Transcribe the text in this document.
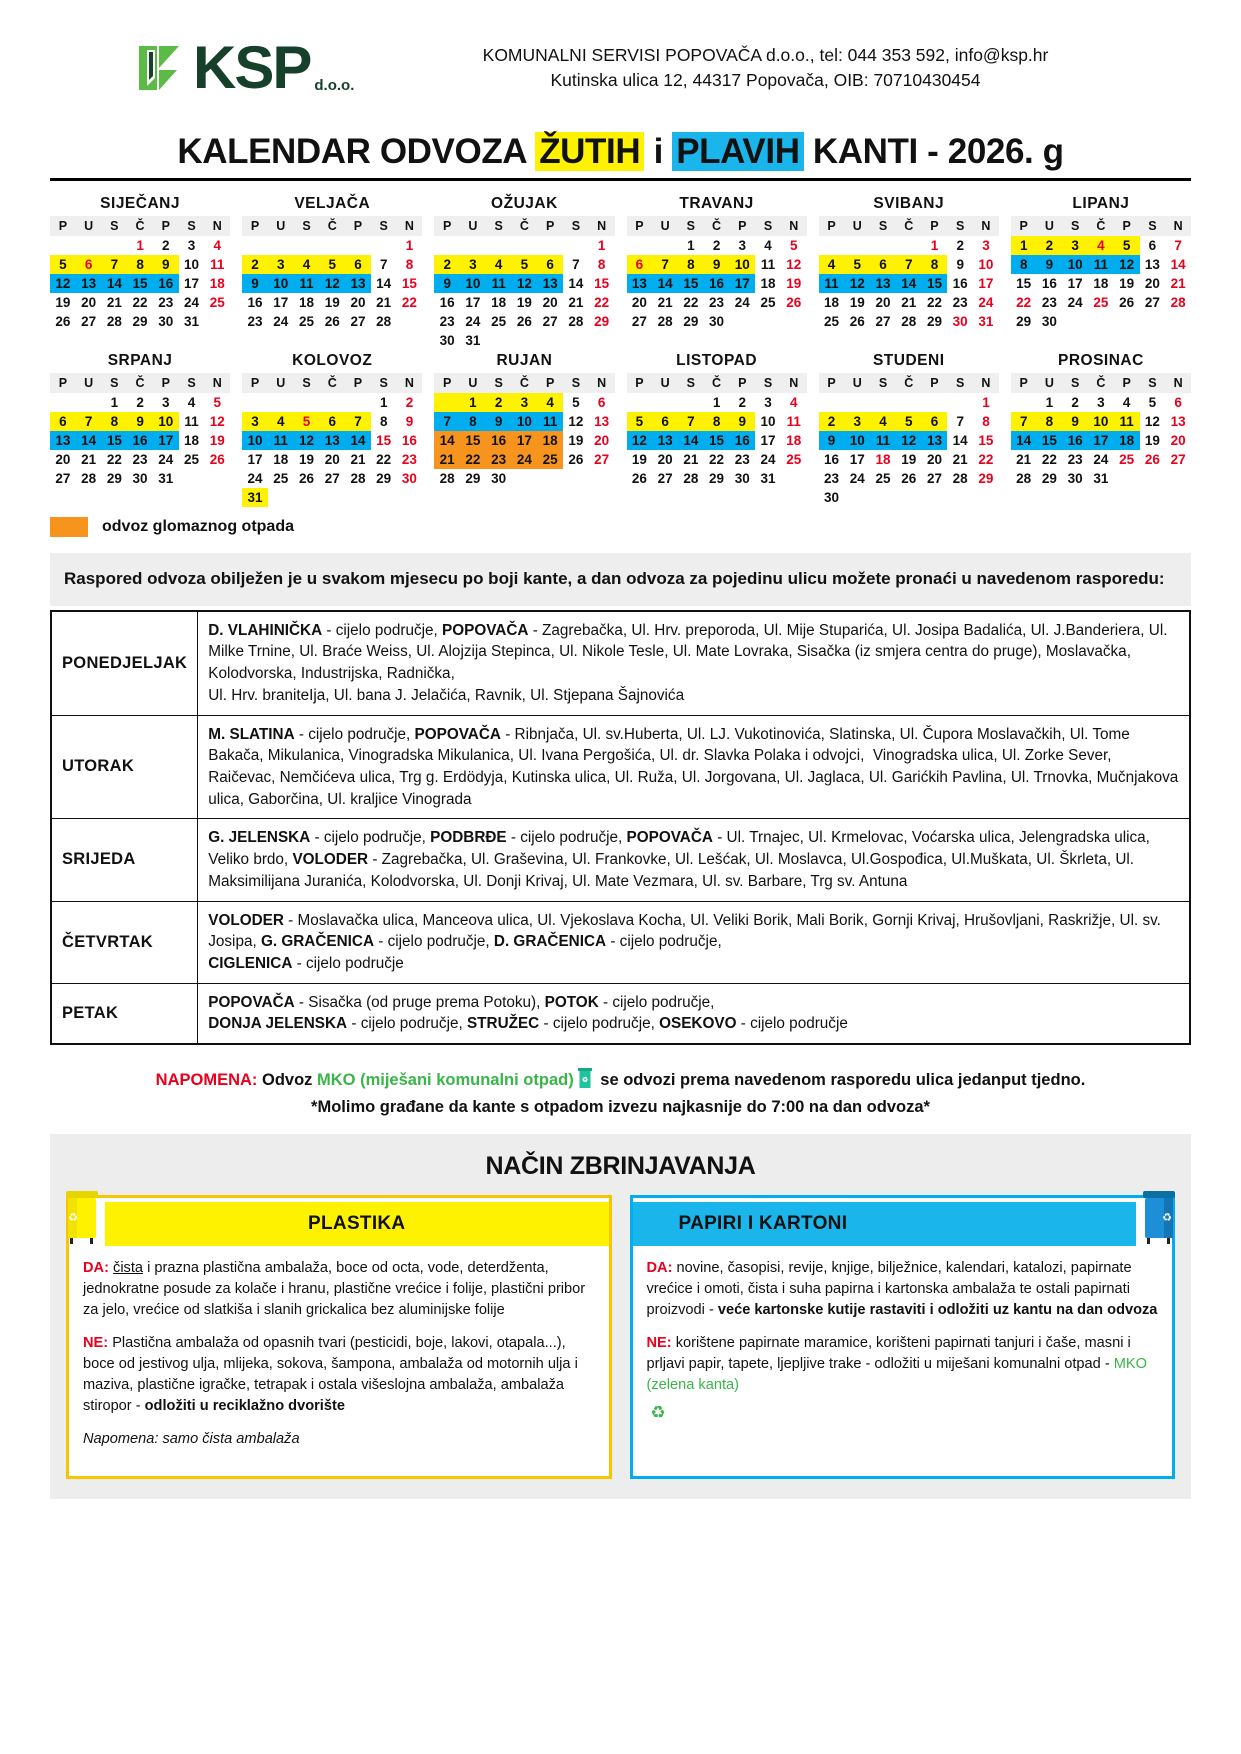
KSP d.o.o.
KOMUNALNI SERVISI POPOVAČA d.o.o., tel: 044 353 592, info@ksp.hr
Kutinska ulica 12, 44317 Popovača, OIB: 70710430454
KALENDAR ODVOZA ŽUTIH i PLAVIH KANTI - 2026. g
SIJEČANJ
P	U	S	Č	P	S	N
			1	2	3	4
5	6	7	8	9	10	11
12	13	14	15	16	17	18
19	20	21	22	23	24	25
26	27	28	29	30	31	
VELJAČA
P	U	S	Č	P	S	N
						1
2	3	4	5	6	7	8
9	10	11	12	13	14	15
16	17	18	19	20	21	22
23	24	25	26	27	28	
OŽUJAK
P	U	S	Č	P	S	N
						1
2	3	4	5	6	7	8
9	10	11	12	13	14	15
16	17	18	19	20	21	22
23	24	25	26	27	28	29
30	31					
TRAVANJ
P	U	S	Č	P	S	N
		1	2	3	4	5
6	7	8	9	10	11	12
13	14	15	16	17	18	19
20	21	22	23	24	25	26
27	28	29	30			
SVIBANJ
P	U	S	Č	P	S	N
				1	2	3
4	5	6	7	8	9	10
11	12	13	14	15	16	17
18	19	20	21	22	23	24
25	26	27	28	29	30	31
LIPANJ
P	U	S	Č	P	S	N
1	2	3	4	5	6	7
8	9	10	11	12	13	14
15	16	17	18	19	20	21
22	23	24	25	26	27	28
29	30					
SRPANJ
P	U	S	Č	P	S	N
		1	2	3	4	5
6	7	8	9	10	11	12
13	14	15	16	17	18	19
20	21	22	23	24	25	26
27	28	29	30	31		
KOLOVOZ
P	U	S	Č	P	S	N
					1	2
3	4	5	6	7	8	9
10	11	12	13	14	15	16
17	18	19	20	21	22	23
24	25	26	27	28	29	30
31						
RUJAN
P	U	S	Č	P	S	N
	1	2	3	4	5	6
7	8	9	10	11	12	13
14	15	16	17	18	19	20
21	22	23	24	25	26	27
28	29	30				
LISTOPAD
P	U	S	Č	P	S	N
			1	2	3	4
5	6	7	8	9	10	11
12	13	14	15	16	17	18
19	20	21	22	23	24	25
26	27	28	29	30	31	
STUDENI
P	U	S	Č	P	S	N
						1
2	3	4	5	6	7	8
9	10	11	12	13	14	15
16	17	18	19	20	21	22
23	24	25	26	27	28	29
30						
PROSINAC
P	U	S	Č	P	S	N
	1	2	3	4	5	6
7	8	9	10	11	12	13
14	15	16	17	18	19	20
21	22	23	24	25	26	27
28	29	30	31			
odvoz glomaznog otpada
Raspored odvoza obilježen je u svakom mjesecu po boji kante, a dan odvoza za pojedinu ulicu možete pronaći u navedenom rasporedu:
PONEDJELJAK	D. VLAHINIČKA - cijelo područje, POPOVAČA - Zagrebačka, Ul. Hrv. preporoda, Ul. Mije Stuparića, Ul. Josipa Badalića, Ul. J.Banderiera, Ul. Milke Trnine, Ul. Braće Weiss, Ul. Alojzija Stepinca, Ul. Nikole Tesle, Ul. Mate Lovraka, Sisačka (iz smjera centra do pruge), Moslavačka, Kolodvorska, Industrijska, Radnička,
Ul. Hrv. braniteIja, Ul. bana J. Jelačića, Ravnik, Ul. Stjepana Šajnovića
UTORAK	M. SLATINA - cijelo područje, POPOVAČA - Ribnjača, Ul. sv.Huberta, Ul. LJ. Vukotinovića, Slatinska, Ul. Čupora Moslavačkih, Ul. Tome Bakača, Mikulanica, Vinogradska Mikulanica, Ul. Ivana Pergošića, Ul. dr. Slavka Polaka i odvojci,  Vinogradska ulica, Ul. Zorke Sever, Raičevac, Nemčićeva ulica, Trg g. Erdödyja, Kutinska ulica, Ul. Ruža, Ul. Jorgovana, Ul. Jaglaca, Ul. Garićkih Pavlina, Ul. Trnovka, Mučnjakova ulica, Gaborčina, Ul. kraljice Vinograda
SRIJEDA	G. JELENSKA - cijelo područje, PODBRĐE - cijelo područje, POPOVAČA - Ul. Trnajec, Ul. Krmelovac, Voćarska ulica, Jelengradska ulica, Veliko brdo, VOLODER - Zagrebačka, Ul. Graševina, Ul. Frankovke, Ul. Lešćak, Ul. Moslavca, Ul.Gospođica, Ul.Muškata, Ul. Škrleta, Ul. Maksimilijana Juranića, Kolodvorska, Ul. Donji Krivaj, Ul. Mate Vezmara, Ul. sv. Barbare, Trg sv. Antuna
ČETVRTAK	VOLODER - Moslavačka ulica, Manceova ulica, Ul. Vjekoslava Kocha, Ul. Veliki Borik, Mali Borik, Gornji Krivaj, Hrušovljani, Raskrižje, Ul. sv. Josipa, G. GRAČENICA - cijelo područje, D. GRAČENICA - cijelo područje,
CIGLENICA - cijelo područje
PETAK	POPOVAČA - Sisačka (od pruge prema Potoku), POTOK - cijelo područje,
DONJA JELENSKA - cijelo područje, STRUŽEC - cijelo područje, OSEKOVO - cijelo područje
NAPOMENA: Odvoz MKO (miješani komunalni otpad) ♻ se odvozi prema navedenom rasporedu ulica jedanput tjedno.
*Molimo građane da kante s otpadom izvezu najkasnije do 7:00 na dan odvoza*
NAČIN ZBRINJAVANJA
♻	PLASTIKA

DA: čista i prazna plastična ambalaža, boce od octa, vode, deterdženta, jednokratne posude za kolače i hranu, plastične vrećice i folije, plastični pribor za jelo, vrećice od slatkiša i slanih grickalica bez aluminijske folije

NE: Plastična ambalaža od opasnih tvari (pesticidi, boje, lakovi, otapala...), boce od jestivog ulja, mlijeka, sokova, šampona, ambalaža od motornih ulja i maziva, plastične igračke, tetrapak i ostala višeslojna ambalaža, ambalaža stiropor - odložiti u reciklažno dvorište

Napomena: samo čista ambalaža

PAPIRI I KARTONI	♻

DA: novine, časopisi, revije, knjige, bilježnice, kalendari, katalozi, papirnate vrećice i omoti, čista i suha papirna i kartonska ambalaža te ostali papirnati proizvodi - veće kartonske kutije rastaviti i odložiti uz kantu na dan odvoza

NE: korištene papirnate maramice, korišteni papirnati tanjuri i čaše, masni i prljavi papir, tapete, ljepljive trake - odložiti u miješani komunalni otpad - MKO (zelena kanta)

♻
